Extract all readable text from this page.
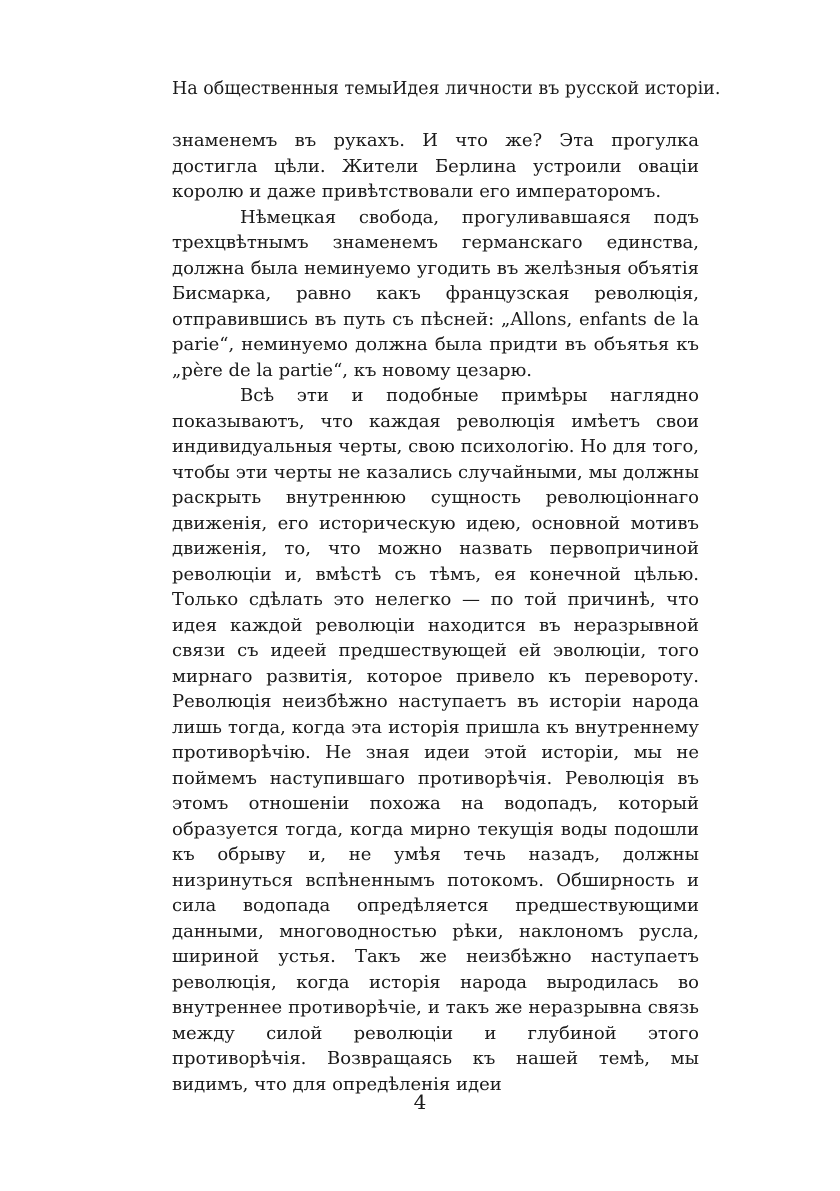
На общественныя темы Идея личности въ русской исторіи.

знаменемъ въ рукахъ. И что же? Эта прогулка достигла цѣли. Жители Берлина устроили оваціи королю и даже привѣтствовали его императоромъ.

Нѣмецкая свобода, прогуливавшаяся подъ трехцвѣтнымъ знаменемъ германскаго единства, должна была неминуемо угодить въ желѣзныя объятія Бисмарка, равно какъ французская революція, отправившись въ путь съ пѣсней: „Allons, enfants de la parie“, неминуемо должна была придти въ объятья къ „père de la partie“, къ новому цезарю.

Всѣ эти и подобные примѣры наглядно показываютъ, что каждая революція имѣетъ свои индивидуальныя черты, свою психологію. Но для того, чтобы эти черты не казались случайными, мы должны раскрыть внутреннюю сущность революціоннаго движенія, его историческую идею, основной мотивъ движенія, то, что можно назвать первопричиной революціи и, вмѣстѣ съ тѣмъ, ея конечной цѣлью. Только сдѣлать это нелегко — по той причинѣ, что идея каждой революціи находится въ неразрывной связи съ идеей предшествующей ей эволюціи, того мирнаго развитія, которое привело къ перевороту. Революція неизбѣжно наступаетъ въ исторіи народа лишь тогда, когда эта исторія пришла къ внутреннему противорѣчію. Не зная идеи этой исторіи, мы не поймемъ наступившаго противорѣчія. Революція въ этомъ отношеніи похожа на водопадъ, который образуется тогда, когда мирно текущія воды подошли къ обрыву и, не умѣя течь назадъ, должны низринуться вспѣненнымъ потокомъ. Обширность и сила водопада опредѣляется предшествующими данными, многоводностью рѣки, наклономъ русла, шириной устья. Такъ же неизбѣжно наступаетъ революція, когда исторія народа выродилась во внутреннее противорѣчіе, и такъ же неразрывна связь между силой революціи и глубиной этого противорѣчія. Возвращаясь къ нашей темѣ, мы видимъ, что для опредѣленія идеи

4
